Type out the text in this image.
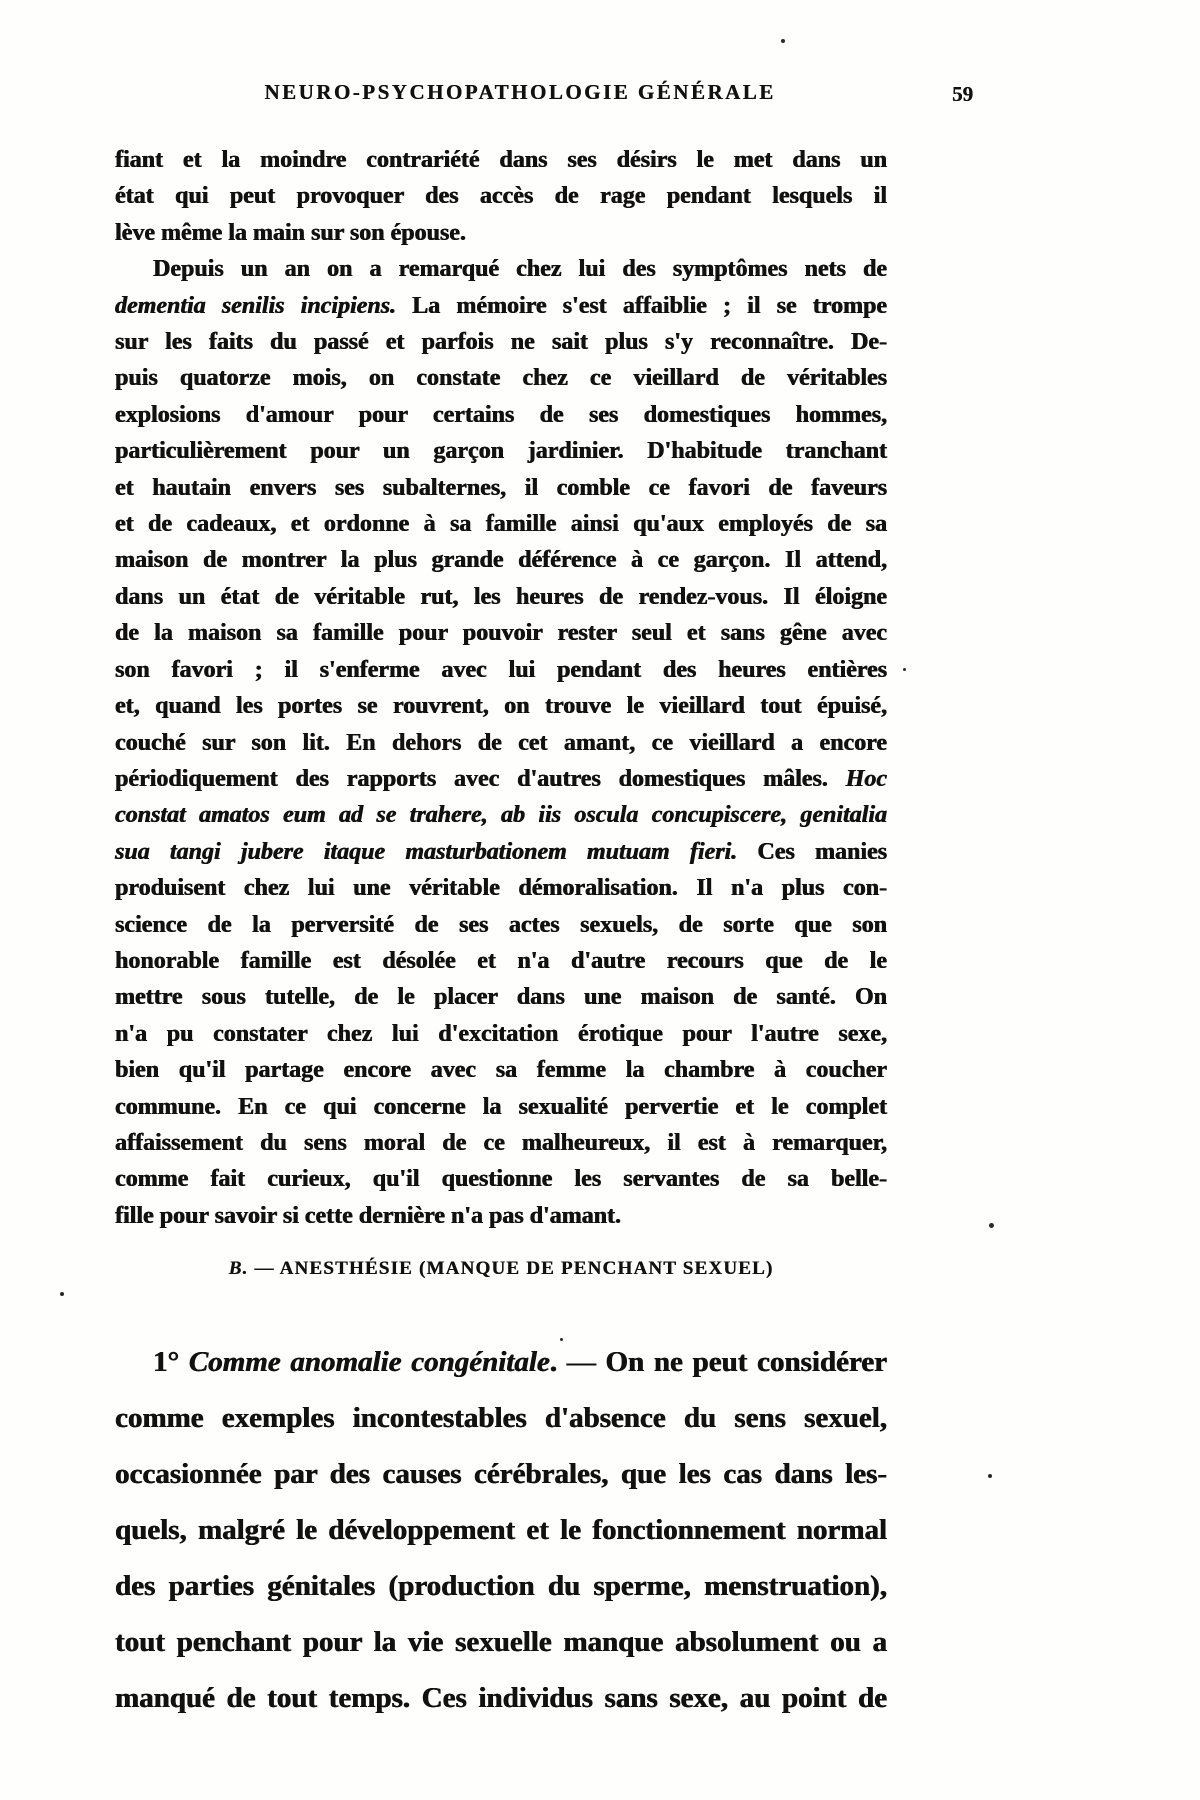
NEURO-PSYCHOPATHOLOGIE GÉNÉRALE	59
fiant et la moindre contrariété dans ses désirs le met dans un
état qui peut provoquer des accès de rage pendant lesquels il
lève même la main sur son épouse.
Depuis un an on a remarqué chez lui des symptômes nets de
dementia senilis incipiens. La mémoire s'est affaiblie ; il se trompe
sur les faits du passé et parfois ne sait plus s'y reconnaître. De-
puis quatorze mois, on constate chez ce vieillard de véritables
explosions d'amour pour certains de ses domestiques hommes,
particulièrement pour un garçon jardinier. D'habitude tranchant
et hautain envers ses subalternes, il comble ce favori de faveurs
et de cadeaux, et ordonne à sa famille ainsi qu'aux employés de sa
maison de montrer la plus grande déférence à ce garçon. Il attend,
dans un état de véritable rut, les heures de rendez-vous. Il éloigne
de la maison sa famille pour pouvoir rester seul et sans gêne avec
son favori ; il s'enferme avec lui pendant des heures entières
et, quand les portes se rouvrent, on trouve le vieillard tout épuisé,
couché sur son lit. En dehors de cet amant, ce vieillard a encore
périodiquement des rapports avec d'autres domestiques mâles. Hoc
constat amatos eum ad se trahere, ab iis oscula concupiscere, genitalia
sua tangi jubere itaque masturbationem mutuam fieri. Ces manies
produisent chez lui une véritable démoralisation. Il n'a plus con-
science de la perversité de ses actes sexuels, de sorte que son
honorable famille est désolée et n'a d'autre recours que de le
mettre sous tutelle, de le placer dans une maison de santé. On
n'a pu constater chez lui d'excitation érotique pour l'autre sexe,
bien qu'il partage encore avec sa femme la chambre à coucher
commune. En ce qui concerne la sexualité pervertie et le complet
affaissement du sens moral de ce malheureux, il est à remarquer,
comme fait curieux, qu'il questionne les servantes de sa belle-
fille pour savoir si cette dernière n'a pas d'amant.
B. — ANESTHÉSIE (MANQUE DE PENCHANT SEXUEL)
1° Comme anomalie congénitale. — On ne peut considérer
comme exemples incontestables d'absence du sens sexuel,
occasionnée par des causes cérébrales, que les cas dans les-
quels, malgré le développement et le fonctionnement normal
des parties génitales (production du sperme, menstruation),
tout penchant pour la vie sexuelle manque absolument ou a
manqué de tout temps. Ces individus sans sexe, au point de
